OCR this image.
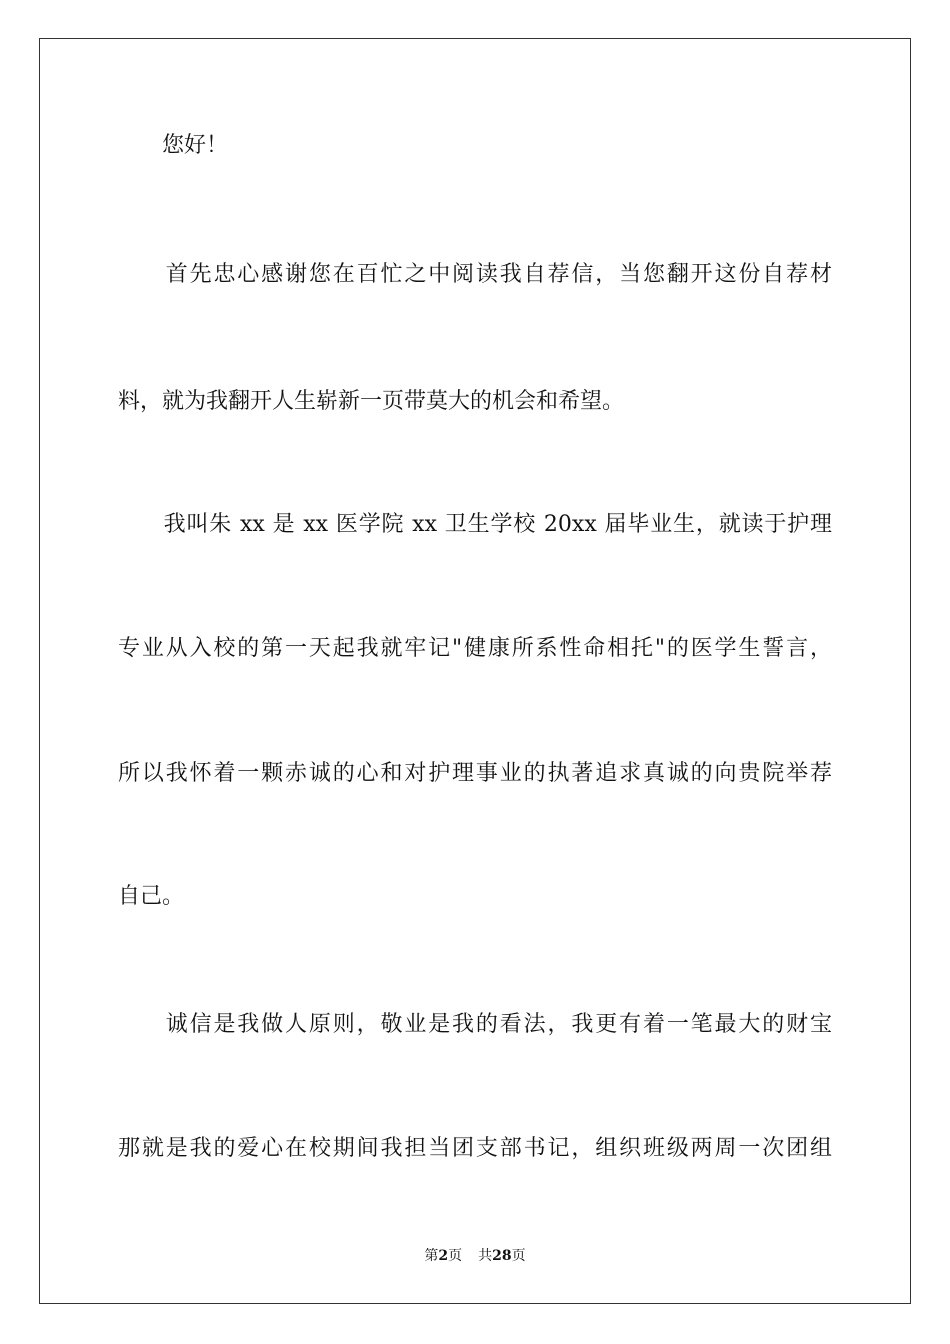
　　您好！
　　首先忠心感谢您在百忙之中阅读我自荐信，当您翻开这份自荐材
料，就为我翻开人生崭新一页带莫大的机会和希望。
　　我叫朱 xx 是 xx 医学院 xx 卫生学校 20xx 届毕业生，就读于护理
专业从入校的第一天起我就牢记"健康所系性命相托"的医学生誓言，
所以我怀着一颗赤诚的心和对护理事业的执著追求真诚的向贵院举荐
自己。
　　诚信是我做人原则，敬业是我的看法，我更有着一笔最大的财宝
那就是我的爱心在校期间我担当团支部书记，组织班级两周一次团组
第2页 共28页
